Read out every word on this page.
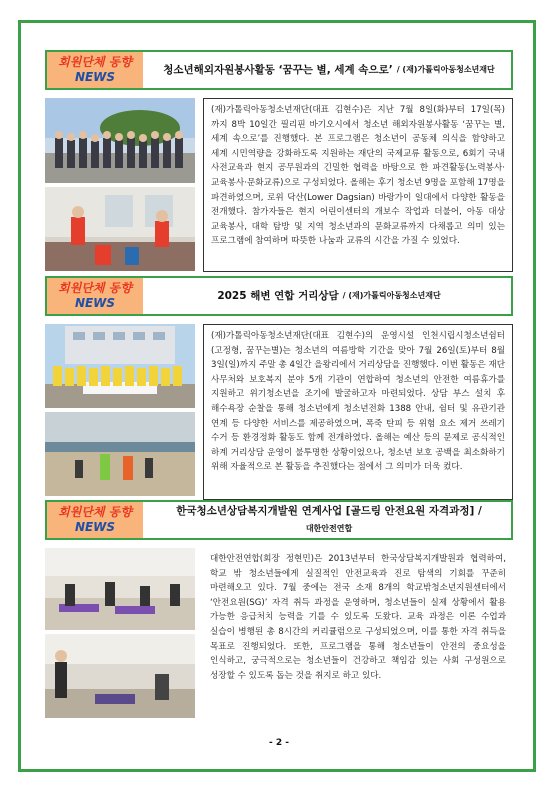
회원단체 동향
NEWS	청소년해외자원봉사활동 ‘꿈꾸는 별, 세계 속으로’ / (재)가톨릭아동청소년재단
(재)가톨릭아동청소년재단(대표 김현수)은 지난 7월 8일(화)부터 17일(목)까지 8박 10일간 필리핀 바기오시에서 청소년 해외자원봉사활동 ‘꿈꾸는 별, 세계 속으로’를 진행했다. 본 프로그램은 청소년이 공동체 의식을 함양하고 세계 시민역량을 강화하도록 지원하는 재단의 국제교류 활동으로, 6회기 국내 사전교육과 현지 공무원과의 긴밀한 협력을 바탕으로 한 파견활동(노력봉사·교육봉사·문화교류)으로 구성되었다. 올해는 후기 청소년 9명을 포함해 17명을 파견하였으며, 로위 닥산(Lower Dagsian) 바랑가이 일대에서 다양한 활동을 전개했다. 참가자들은 현지 어린이센터의 개보수 작업과 더불어, 아동 대상 교육봉사, 대학 탐방 및 지역 청소년과의 문화교류까지 다채롭고 의미 있는 프로그램에 참여하며 따뜻한 나눔과 교류의 시간을 가질 수 있었다.
회원단체 동향
NEWS	2025 해변 연합 거리상담 / (재)가톨릭아동청소년재단
(재)가톨릭아동청소년재단(대표 김현수)의 운영시설 인천시립시청소년쉼터(고정형, 꿈꾸는별)는 청소년의 여름방학 기간을 맞아 7월 26일(토)부터 8월 3일(일)까지 주말 총 4일간 을왕리에서 거리상담을 진행했다. 이번 활동은 재단 사무처와 보호복지 분야 5개 기관이 연합하여 청소년의 안전한 여름휴가를 지원하고 위기청소년을 조기에 발굴하고자 마련되었다. 상담 부스 설치 후 해수욕장 순찰을 통해 청소년에게 청소년전화 1388 안내, 쉼터 및 유관기관 연계 등 다양한 서비스를 제공하였으며, 폭죽 탄피 등 위험 요소 제거 쓰레기 수거 등 환경정화 활동도 함께 전개하였다. 올해는 예산 등의 문제로 공식적인 하계 거리상담 운영이 불투명한 상황이었으나, 청소년 보호 공백을 최소화하기 위해 자율적으로 본 활동을 추진했다는 점에서 그 의미가 더욱 컸다.
회원단체 동향
NEWS
한국청소년상담복지개발원 연계사업 [골드링 안전요원 자격과정] /
대한안전연합
대한안전연합(회장 정현민)은 2013년부터 한국상담복지개발원과 협력하여, 학교 밖 청소년들에게 실질적인 안전교육과 진로 탐색의 기회를 꾸준히 마련해오고 있다. 7월 중에는 전국 소재 8개의 학교밖청소년지원센터에서 ‘안전요원(SG)’ 자격 취득 과정을 운영하며, 청소년들이 실제 상황에서 활용 가능한 응급처치 능력을 기를 수 있도록 도왔다. 교육 과정은 이론 수업과 실습이 병행된 총 8시간의 커리큘럼으로 구성되었으며, 이를 통한 자격 취득을 목표로 진행되었다. 또한, 프로그램을 통해 청소년들이 안전의 중요성을 인식하고, 궁극적으로는 청소년들이 건강하고 책임감 있는 사회 구성원으로 성장할 수 있도록 돕는 것을 취지로 하고 있다.
- 2 -
